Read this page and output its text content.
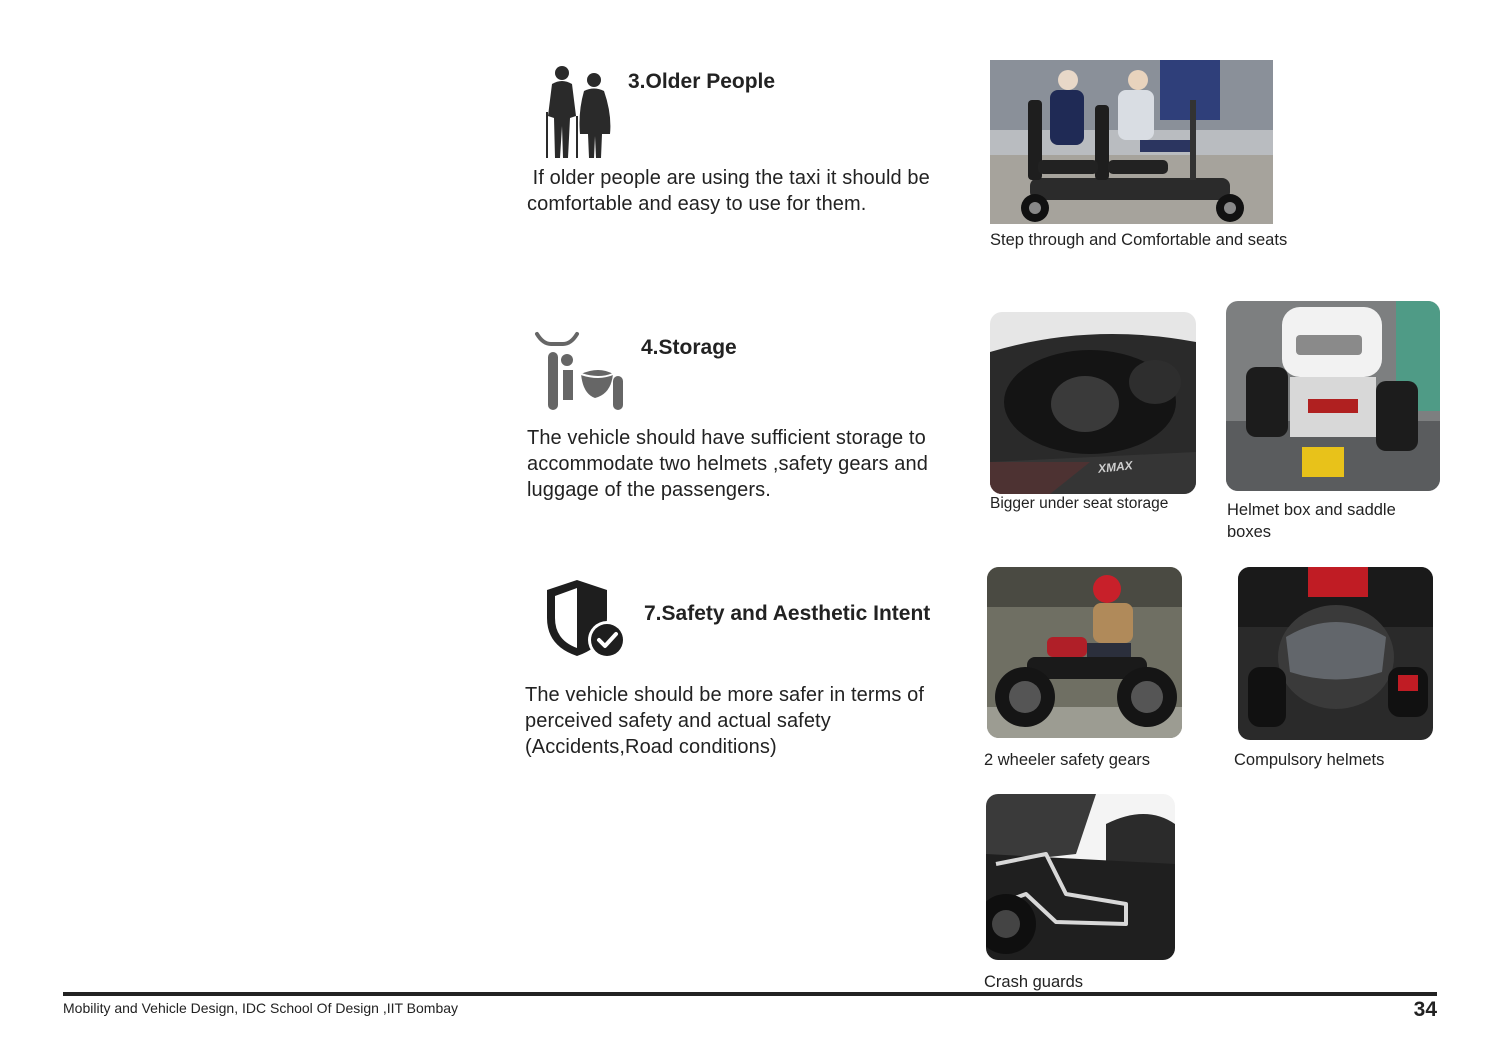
3.Older People
If older people are using the taxi it should be comfortable and easy to use for them.
Step through and Comfortable and seats
4.Storage
The vehicle should have sufficient storage to accommodate two helmets ,safety gears and luggage of the passengers.
XMAX
Bigger under seat storage	Helmet box and saddle boxes
7.Safety and Aesthetic Intent
The vehicle should be more safer in terms of perceived safety and actual safety (Accidents,Road conditions)
2 wheeler safety gears	Compulsory helmets
Crash guards
Mobility and Vehicle Design, IDC School Of Design ,IIT Bombay	34
